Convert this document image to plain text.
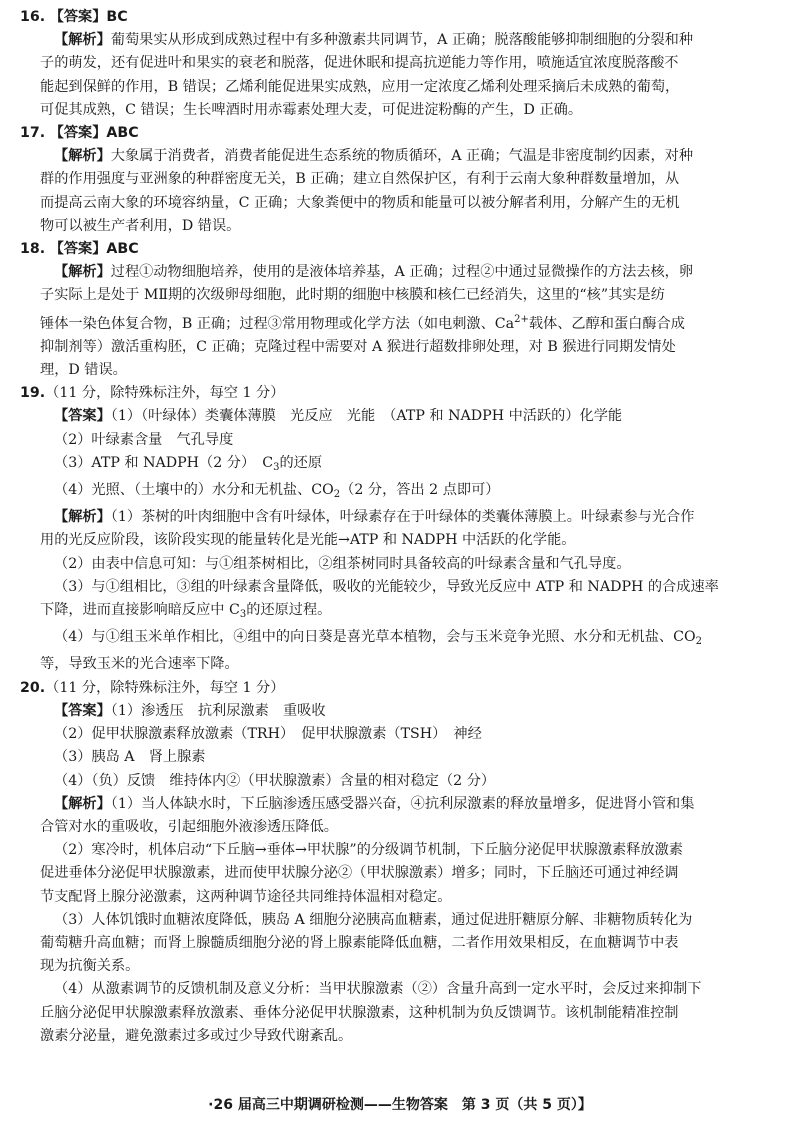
16. 【答案】BC
【解析】葡萄果实从形成到成熟过程中有多种激素共同调节，A 正确；脱落酸能够抑制细胞的分裂和种
子的萌发，还有促进叶和果实的衰老和脱落，促进休眠和提高抗逆能力等作用，喷施适宜浓度脱落酸不
能起到保鲜的作用，B 错误；乙烯利能促进果实成熟，应用一定浓度乙烯利处理采摘后未成熟的葡萄，
可促其成熟，C 错误；生长啤酒时用赤霉素处理大麦，可促进淀粉酶的产生，D 正确。
17. 【答案】ABC
【解析】大象属于消费者，消费者能促进生态系统的物质循环，A 正确；气温是非密度制约因素，对种
群的作用强度与亚洲象的种群密度无关，B 正确；建立自然保护区，有利于云南大象种群数量增加，从
而提高云南大象的环境容纳量，C 正确；大象粪便中的物质和能量可以被分解者利用，分解产生的无机
物可以被生产者利用，D 错误。
18. 【答案】ABC
【解析】过程①动物细胞培养，使用的是液体培养基，A 正确；过程②中通过显微操作的方法去核，卵
子实际上是处于 MⅡ期的次级卵母细胞，此时期的细胞中核膜和核仁已经消失，这里的“核”其实是纺
锤体一染色体复合物，B 正确；过程③常用物理或化学方法（如电刺激、$Ca^{2+}$载体、乙醇和蛋白酶合成
抑制剂等）激活重构胚，C 正确；克隆过程中需要对 A 猴进行超数排卵处理，对 B 猴进行同期发情处
理，D 错误。
19.（11 分，除特殊标注外，每空 1 分）
【答案】（1）（叶绿体）类囊体薄膜　光反应　光能　（ATP 和 NADPH 中活跃的）化学能
（2）叶绿素含量　气孔导度
（3）ATP 和 NADPH（2 分）　$C_3$的还原
（4）光照、（土壤中的）水分和无机盐、$CO_2(2$ 分，答出 2 点即可）
【解析】（1）茶树的叶肉细胞中含有叶绿体，叶绿素存在于叶绿体的类囊体薄膜上。叶绿素参与光合作
用的光反应阶段，该阶段实现的能量转化是光能→ATP 和 NADPH 中活跃的化学能。
（2）由表中信息可知：与①组茶树相比，②组茶树同时具备较高的叶绿素含量和气孔导度。
（3）与①组相比，③组的叶绿素含量降低，吸收的光能较少，导致光反应中 ATP 和 NADPH 的合成速率
下降，进而直接影响暗反应中 $C_3$的还原过程。
（4）与①组玉米单作相比，④组中的向日葵是喜光草本植物，会与玉米竞争光照、水分和无机盐、$CO_2$
等，导致玉米的光合速率下降。
20.（11 分，除特殊标注外，每空 1 分）
【答案】（1）渗透压　抗利尿激素　重吸收
（2）促甲状腺激素释放激素（TRH）　促甲状腺激素（TSH）　神经
（3）胰岛 A　肾上腺素
（4）（负）反馈　维持体内②（甲状腺激素）含量的相对稳定（2 分）
【解析】（1）当人体缺水时，下丘脑渗透压感受器兴奋，④抗利尿激素的释放量增多，促进肾小管和集
合管对水的重吸收，引起细胞外液渗透压降低。
（2）寒冷时，机体启动“下丘脑→垂体→甲状腺”的分级调节机制，下丘脑分泌促甲状腺激素释放激素
促进垂体分泌促甲状腺激素，进而使甲状腺分泌②（甲状腺激素）增多；同时，下丘脑还可通过神经调
节支配肾上腺分泌激素，这两种调节途径共同维持体温相对稳定。
（3）人体饥饿时血糖浓度降低，胰岛 A 细胞分泌胰高血糖素，通过促进肝糖原分解、非糖物质转化为
葡萄糖升高血糖；而肾上腺髓质细胞分泌的肾上腺素能降低血糖，二者作用效果相反，在血糖调节中表
现为抗衡关系。
（4）从激素调节的反馈机制及意义分析：当甲状腺激素（②）含量升高到一定水平时，会反过来抑制下
丘脑分泌促甲状腺激素释放激素、垂体分泌促甲状腺激素，这种机制为负反馈调节。该机制能精准控制
激素分泌量，避免激素过多或过少导致代谢紊乱。
·26 届高三中期调研检测——生物答案　第 3 页（共 5 页）】
